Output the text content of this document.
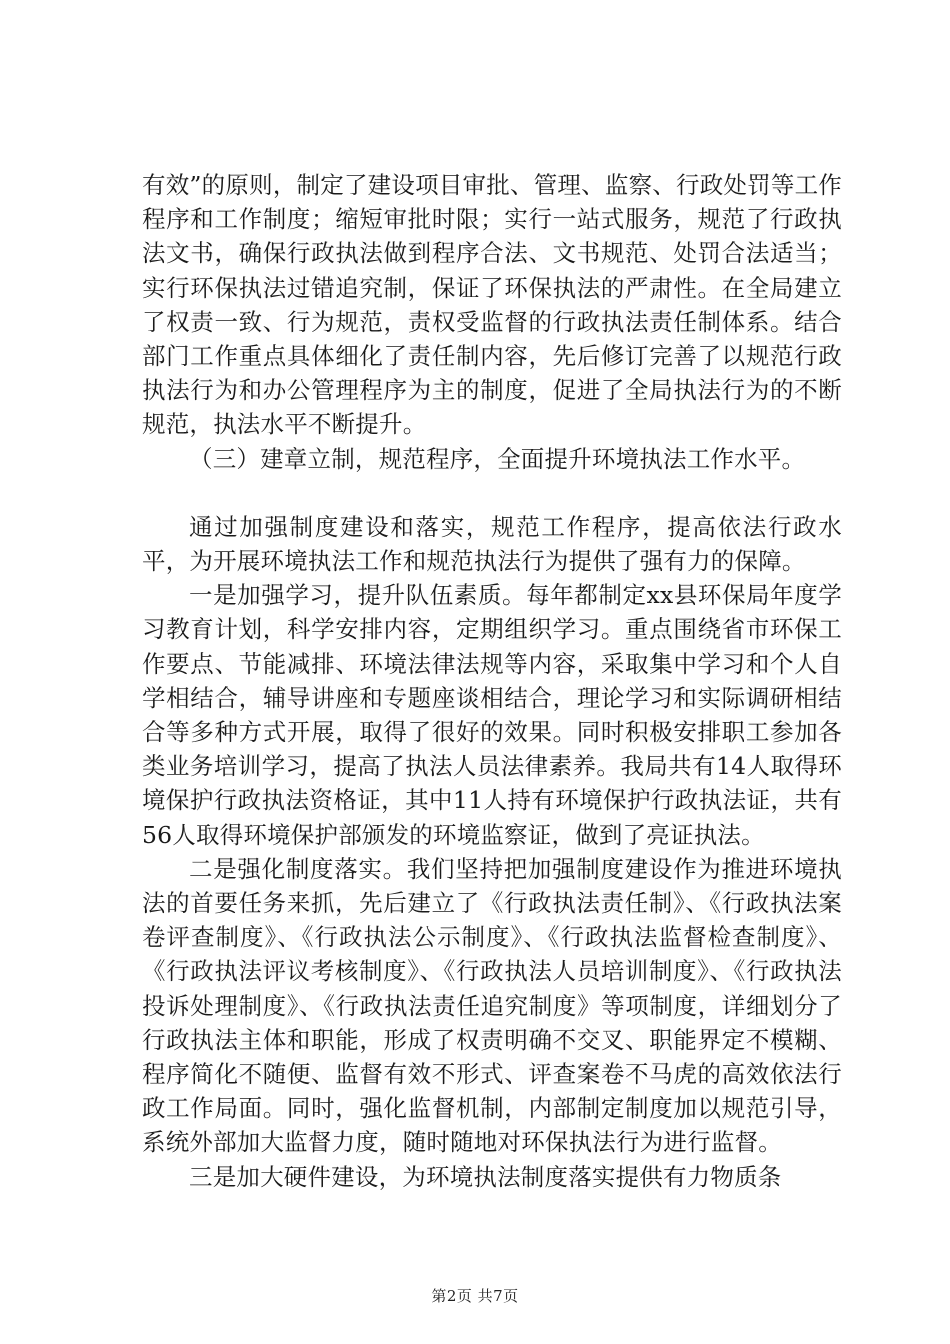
有效”的原则，制定了建设项目审批、管理、监察、行政处罚等工作程序和工作制度；缩短审批时限；实行一站式服务，规范了行政执法文书，确保行政执法做到程序合法、文书规范、处罚合法适当；实行环保执法过错追究制，保证了环保执法的严肃性。在全局建立了权责一致、行为规范，责权受监督的行政执法责任制体系。结合部门工作重点具体细化了责任制内容，先后修订完善了以规范行政执法行为和办公管理程序为主的制度，促进了全局执法行为的不断规范，执法水平不断提升。

（三）建章立制，规范程序，全面提升环境执法工作水平。

通过加强制度建设和落实，规范工作程序，提高依法行政水平，为开展环境执法工作和规范执法行为提供了强有力的保障。

一是加强学习，提升队伍素质。每年都制定xx县环保局年度学习教育计划，科学安排内容，定期组织学习。重点围绕省市环保工作要点、节能减排、环境法律法规等内容，采取集中学习和个人自学相结合，辅导讲座和专题座谈相结合，理论学习和实际调研相结合等多种方式开展，取得了很好的效果。同时积极安排职工参加各类业务培训学习，提高了执法人员法律素养。我局共有14人取得环境保护行政执法资格证，其中11人持有环境保护行政执法证，共有56人取得环境保护部颁发的环境监察证，做到了亮证执法。

二是强化制度落实。我们坚持把加强制度建设作为推进环境执法的首要任务来抓，先后建立了《行政执法责任制》、《行政执法案卷评查制度》、《行政执法公示制度》、《行政执法监督检查制度》、《行政执法评议考核制度》、《行政执法人员培训制度》、《行政执法投诉处理制度》、《行政执法责任追究制度》等项制度，详细划分了行政执法主体和职能，形成了权责明确不交叉、职能界定不模糊、程序简化不随便、监督有效不形式、评查案卷不马虎的高效依法行政工作局面。同时，强化监督机制，内部制定制度加以规范引导，系统外部加大监督力度，随时随地对环保执法行为进行监督。

三是加大硬件建设，为环境执法制度落实提供有力物质条

第2页 共7页
